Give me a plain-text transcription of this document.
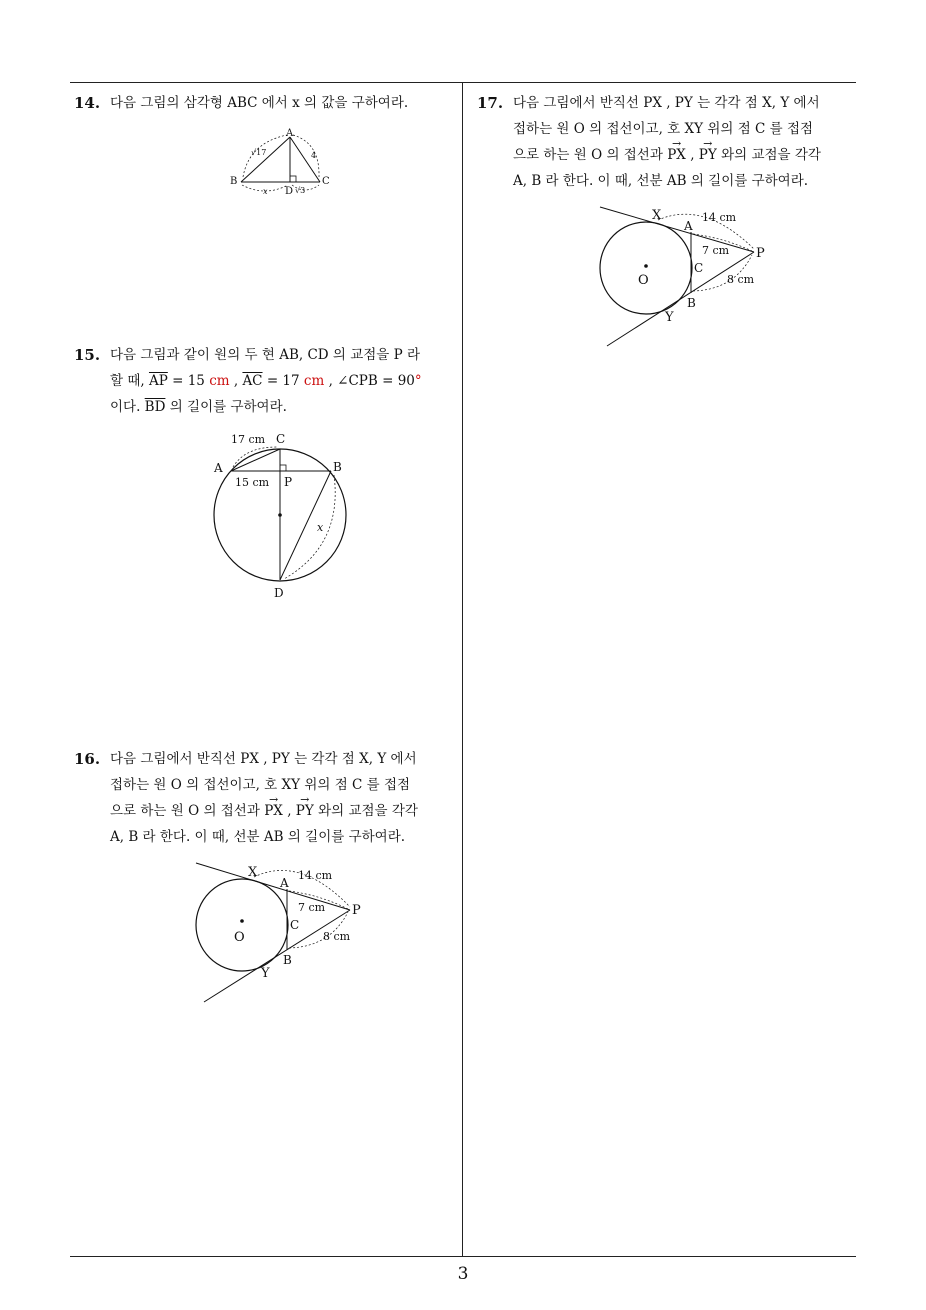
14. 다음 그림의 삼각형 ABC 에서 x 의 값을 구하여라.

A
B	C
D
√17	4
x	√3
15. 다음 그림과 같이 원의 두 현 AB, CD 의 교점을 P 라

할 때, $\overline{AP} = 15$ cm , $\overline{AC} = 17$ cm , ∠CPB = 90°

이다. $\overline{BD}$ 의 길이를 구하여라.

A	B
C
D
P
17 cm
15 cm
x
16. 다음 그림에서 반직선 PX , PY 는 각각 점 X, Y 에서

접하는 원 O 의 접선이고, 호 XY 위의 점 C 를 접점

으로 하는 원 O 의 접선과 → PX , → PY 와의 교점을 각각

A, B 라 한다. 이 때, 선분 AB 의 길이를 구하여라.

X
A
C
B
Y
O
P
14 cm
7 cm
8 cm
17. 다음 그림에서 반직선 PX , PY 는 각각 점 X, Y 에서

접하는 원 O 의 접선이고, 호 XY 위의 점 C 를 접점

으로 하는 원 O 의 접선과 → PX , → PY 와의 교점을 각각

A, B 라 한다. 이 때, 선분 AB 의 길이를 구하여라.

X
A
C
B
Y
O
P
14 cm
7 cm
8 cm
3
